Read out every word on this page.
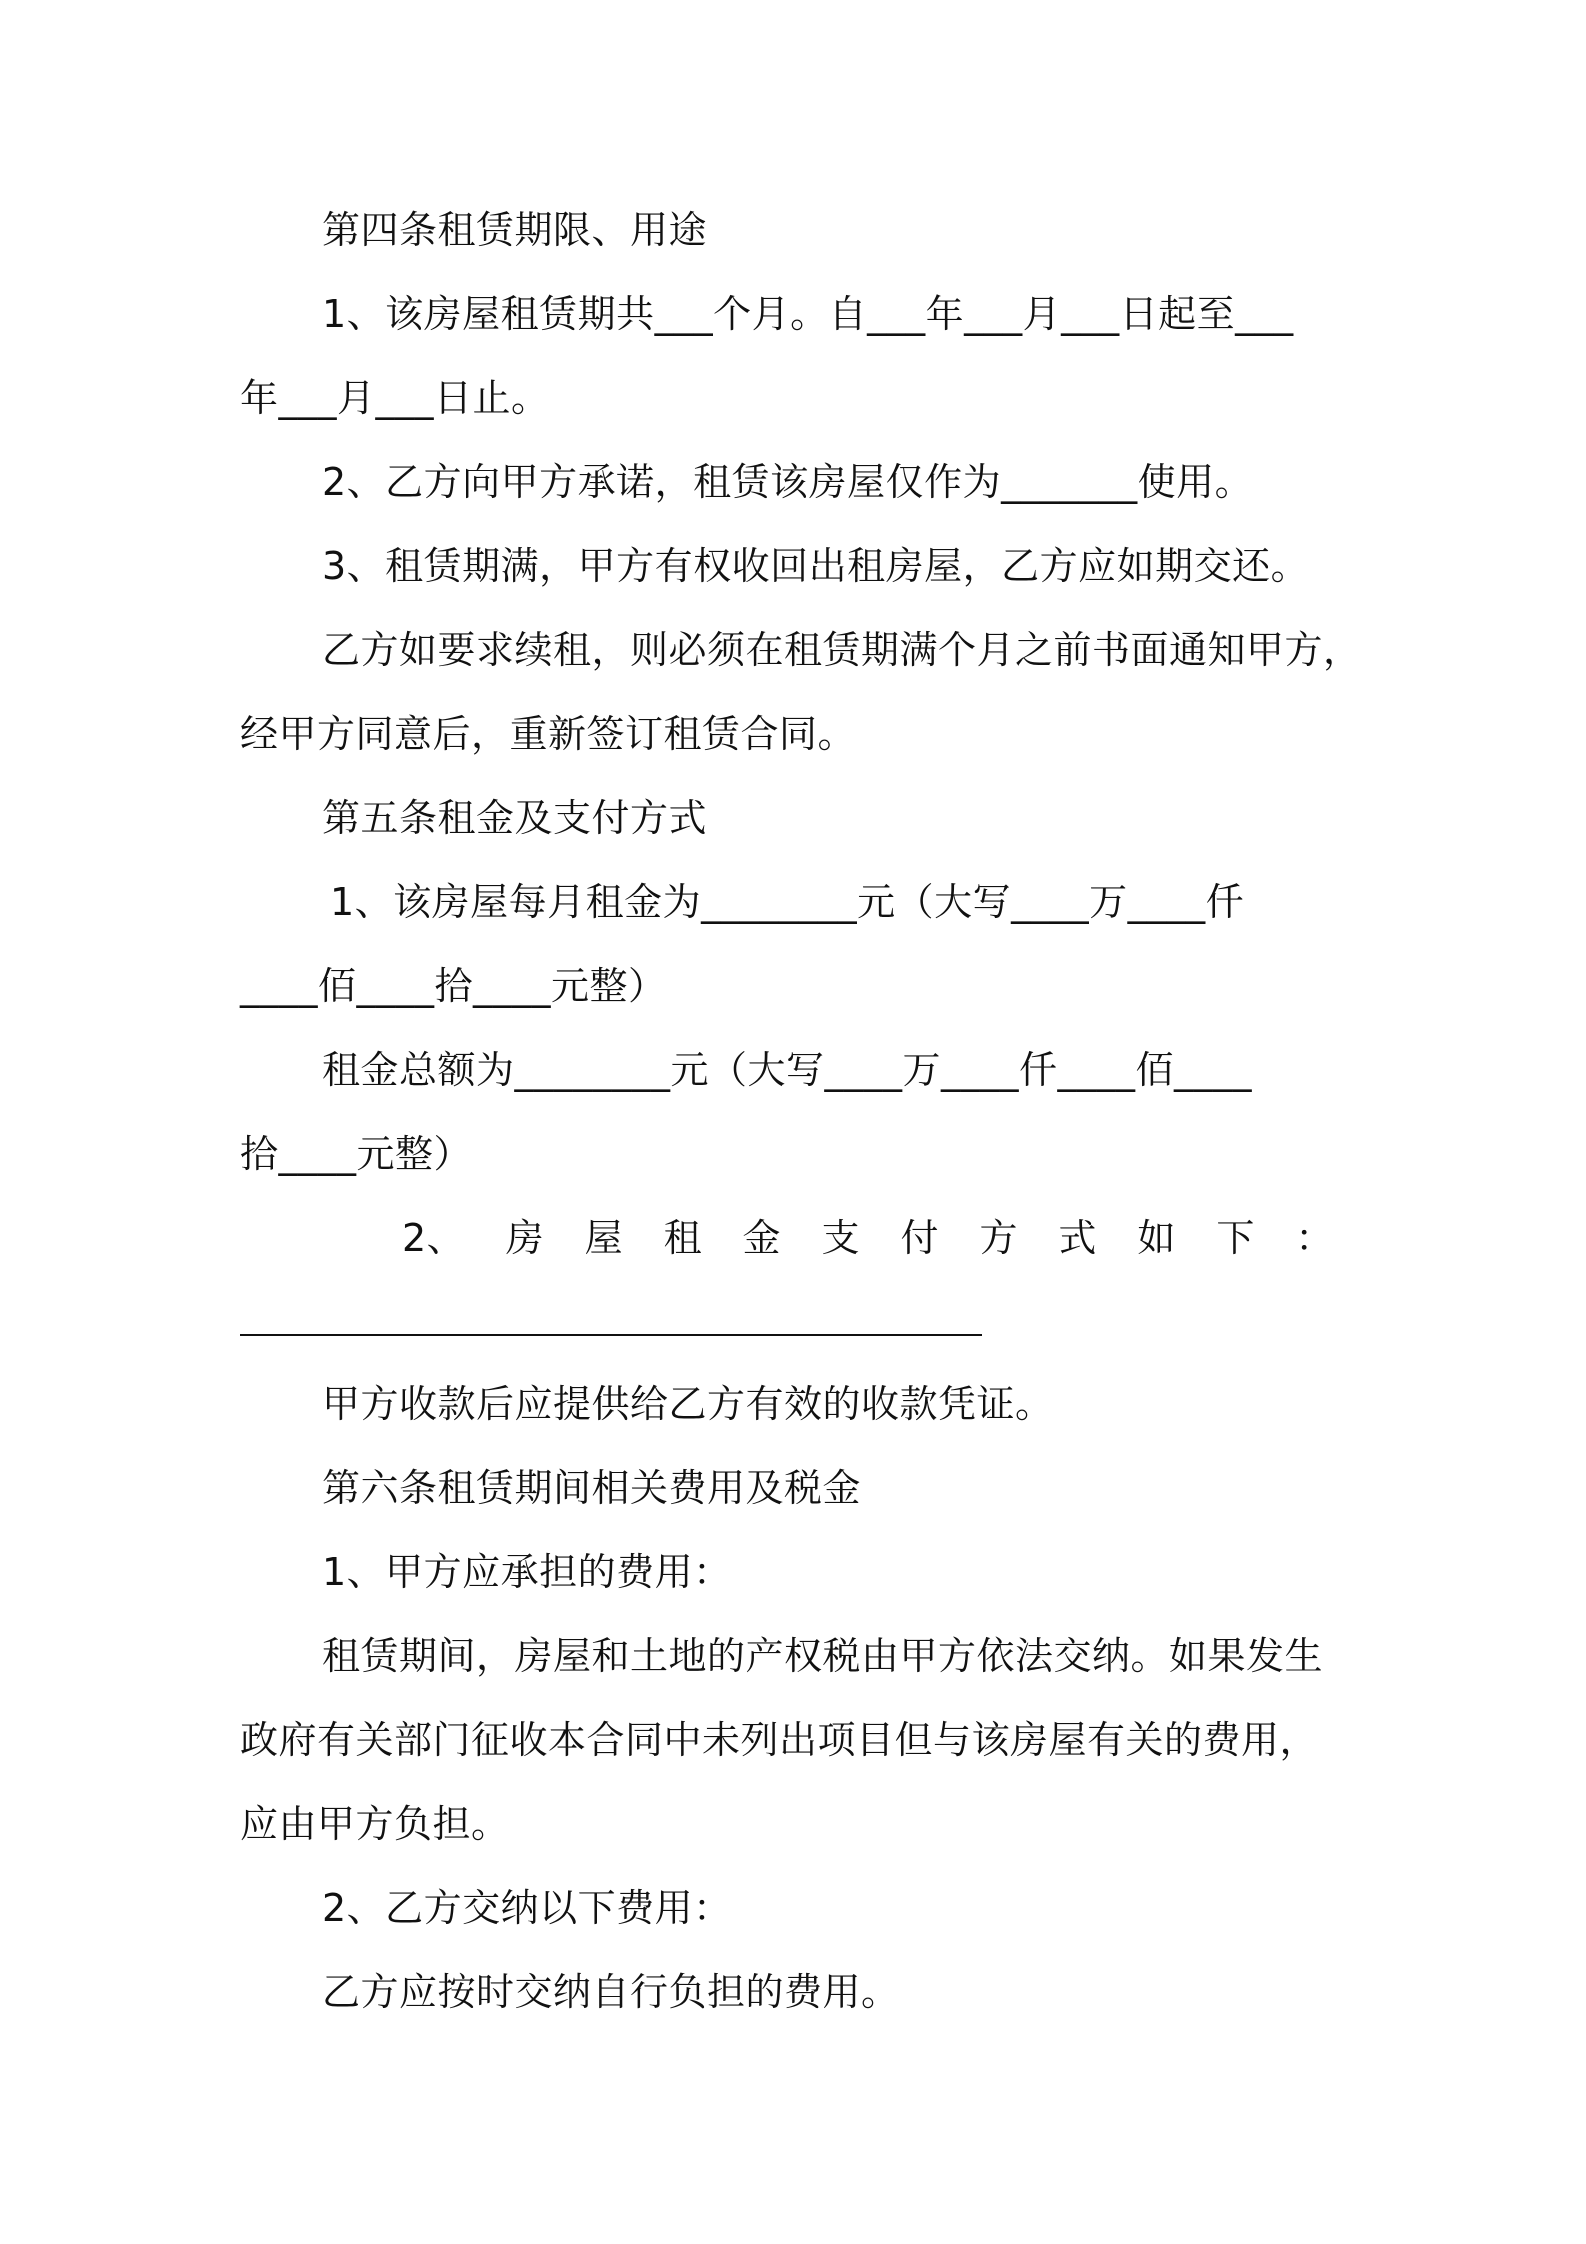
第四条租赁期限、用途
1、该房屋租赁期共___个月。自___年___月___日起至___
年___月___日止。
2、乙方向甲方承诺，租赁该房屋仅作为_______使用。
3、租赁期满，甲方有权收回出租房屋，乙方应如期交还。
乙方如要求续租，则必须在租赁期满个月之前书面通知甲方，
经甲方同意后，重新签订租赁合同。
第五条租金及支付方式
1、该房屋每月租金为________元（大写____万____仟
____佰____拾____元整）
租金总额为________元（大写____万____仟____佰____
拾____元整）
2、 房 屋 租 金 支 付 方 式 如 下 ：
甲方收款后应提供给乙方有效的收款凭证。
第六条租赁期间相关费用及税金
1、甲方应承担的费用：
租赁期间，房屋和土地的产权税由甲方依法交纳。如果发生
政府有关部门征收本合同中未列出项目但与该房屋有关的费用，
应由甲方负担。
2、乙方交纳以下费用：
乙方应按时交纳自行负担的费用。
